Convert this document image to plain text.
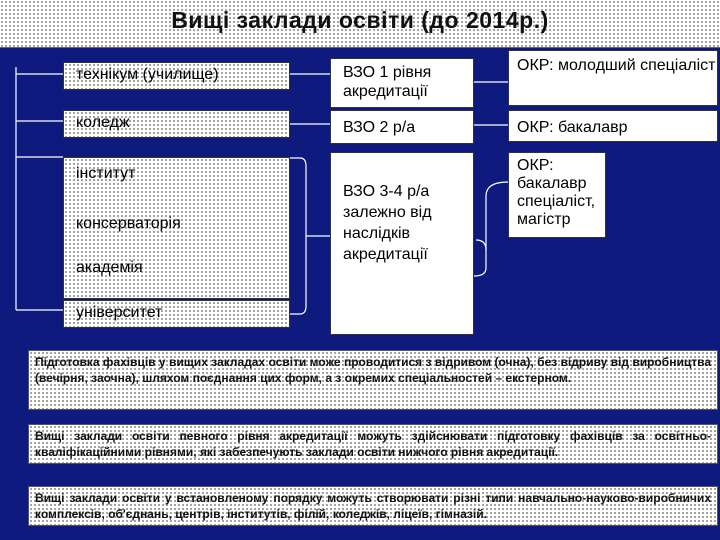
Вищі заклади освіти (до 2014р.)
технікум (училище)
коледж
інститут
консерваторія
академія
університет
ВЗО 1 рівня акредитації
ВЗО 2 р/а
ВЗО 3-4 р/а залежно від наслідків акредитації
ОКР: молодший спеціаліст
ОКР: бакалавр
ОКР: бакалавр спеціаліст, магістр
Підготовка фахівців у вищих закладах освіти може проводитися з відривом (очна), без відриву від виробництва (вечірня, заочна), шляхом поєднання цих форм, а з окремих спеціальностей – екстерном.
Вищі заклади освіти певного рівня акредитації можуть здійснювати підготовку фахівців за освітньо-кваліфікаційними рівнями, які забезпечують заклади освіти нижчого рівня акредитації.
Вищі заклади освіти у встановленому порядку можуть створювати різні типи навчально-науково-виробничих комплексів, об'єднань, центрів, інститутів, філій, коледжів, ліцеїв, гімназій.
